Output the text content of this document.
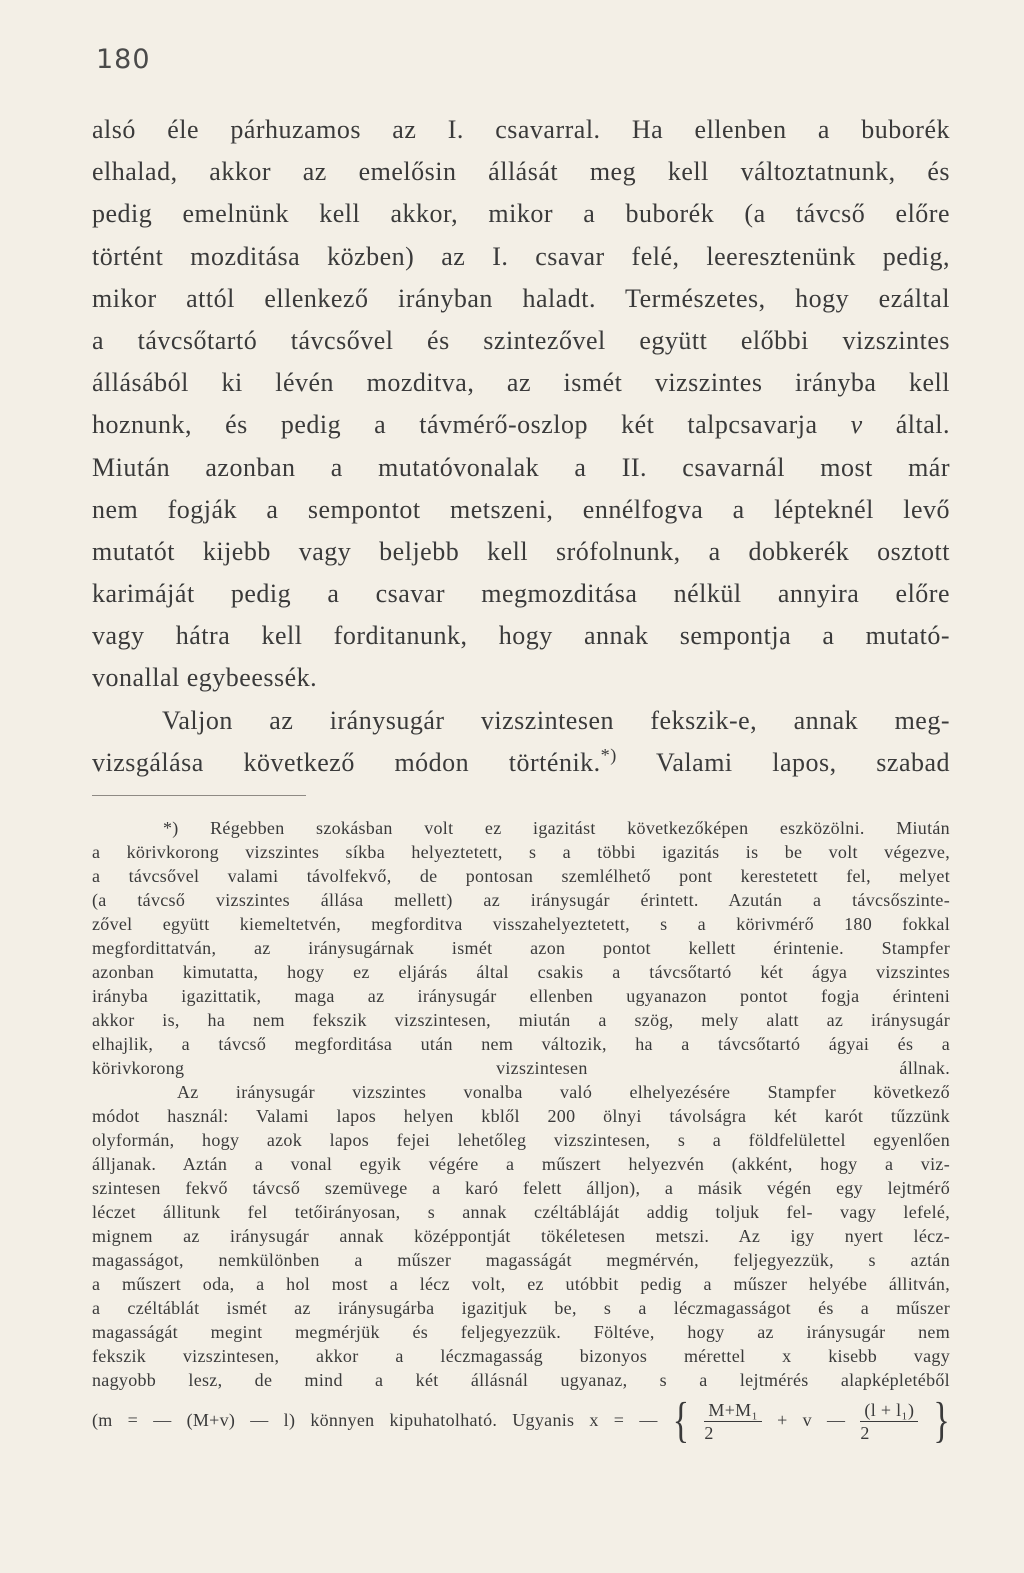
180
alsó éle párhuzamos az I. csavarral. Ha ellenben a buborék
elhalad, akkor az emelősin állását meg kell változtatnunk, és
pedig emelnünk kell akkor, mikor a buborék (a távcső előre
történt mozditása közben) az I. csavar felé, leeresztenünk pedig,
mikor attól ellenkező irányban haladt. Természetes, hogy ezáltal
a távcsőtartó távcsővel és szintezővel együtt előbbi vizszintes
állásából ki lévén mozditva, az ismét vizszintes irányba kell
hoznunk, és pedig a távmérő-oszlop két talpcsavarja v által.
Miután azonban a mutatóvonalak a II. csavarnál most már
nem fogják a sempontot metszeni, ennélfogva a lépteknél levő
mutatót kijebb vagy beljebb kell srófolnunk, a dobkerék osztott
karimáját pedig a csavar megmozditása nélkül annyira előre
vagy hátra kell forditanunk, hogy annak sempontja a mutató-
vonallal egybeessék.
Valjon az iránysugár vizszintesen fekszik-e, annak meg-
vizsgálása következő módon történik.*) Valami lapos, szabad
*) Régebben szokásban volt ez igazitást következőképen eszközölni. Miután
a körivkorong vizszintes síkba helyeztetett, s a többi igazitás is be volt végezve,
a távcsővel valami távolfekvő, de pontosan szemlélhető pont kerestetett fel, melyet
(a távcső vizszintes állása mellett) az iránysugár érintett. Azután a távcsőszinte-
zővel együtt kiemeltetvén, megforditva visszahelyeztetett, s a körivmérő 180 fokkal
megfordittatván, az iránysugárnak ismét azon pontot kellett érintenie. Stampfer
azonban kimutatta, hogy ez eljárás által csakis a távcsőtartó két ágya vizszintes
irányba igazittatik, maga az iránysugár ellenben ugyanazon pontot fogja érinteni
akkor is, ha nem fekszik vizszintesen, miután a szög, mely alatt az iránysugár
elhajlik, a távcső megforditása után nem változik, ha a távcsőtartó ágyai és a
körivkorong vizszintesen állnak.
Az iránysugár vizszintes vonalba való elhelyezésére Stampfer következő
módot használ: Valami lapos helyen kblől 200 ölnyi távolságra két karót tűzzünk
olyformán, hogy azok lapos fejei lehetőleg vizszintesen, s a földfelülettel egyenlően
álljanak. Aztán a vonal egyik végére a műszert helyezvén (akként, hogy a viz-
szintesen fekvő távcső szemüvege a karó felett álljon), a másik végén egy lejtmérő
léczet állitunk fel tetőirányosan, s annak czéltábláját addig toljuk fel- vagy lefelé,
mignem az iránysugár annak középpontját tökéletesen metszi. Az igy nyert lécz-
magasságot, nemkülönben a műszer magasságát megmérvén, feljegyezzük, s aztán
a műszert oda, a hol most a lécz volt, ez utóbbit pedig a műszer helyébe állitván,
a czéltáblát ismét az iránysugárba igazitjuk be, s a léczmagasságot és a műszer
magasságát megint megmérjük és feljegyezzük. Föltéve, hogy az iránysugár nem
fekszik vizszintesen, akkor a léczmagasság bizonyos mérettel x kisebb vagy
nagyobb lesz, de mind a két állásnál ugyanaz, s a lejtmérés alapképletéből
(m = — (M+v) — l) könnyen kipuhatolható. Ugyanis x = — { $\frac{\text{M+M₁}}{2} + v$ — $\frac{\text{(l + l₁)}}{2}$ }
